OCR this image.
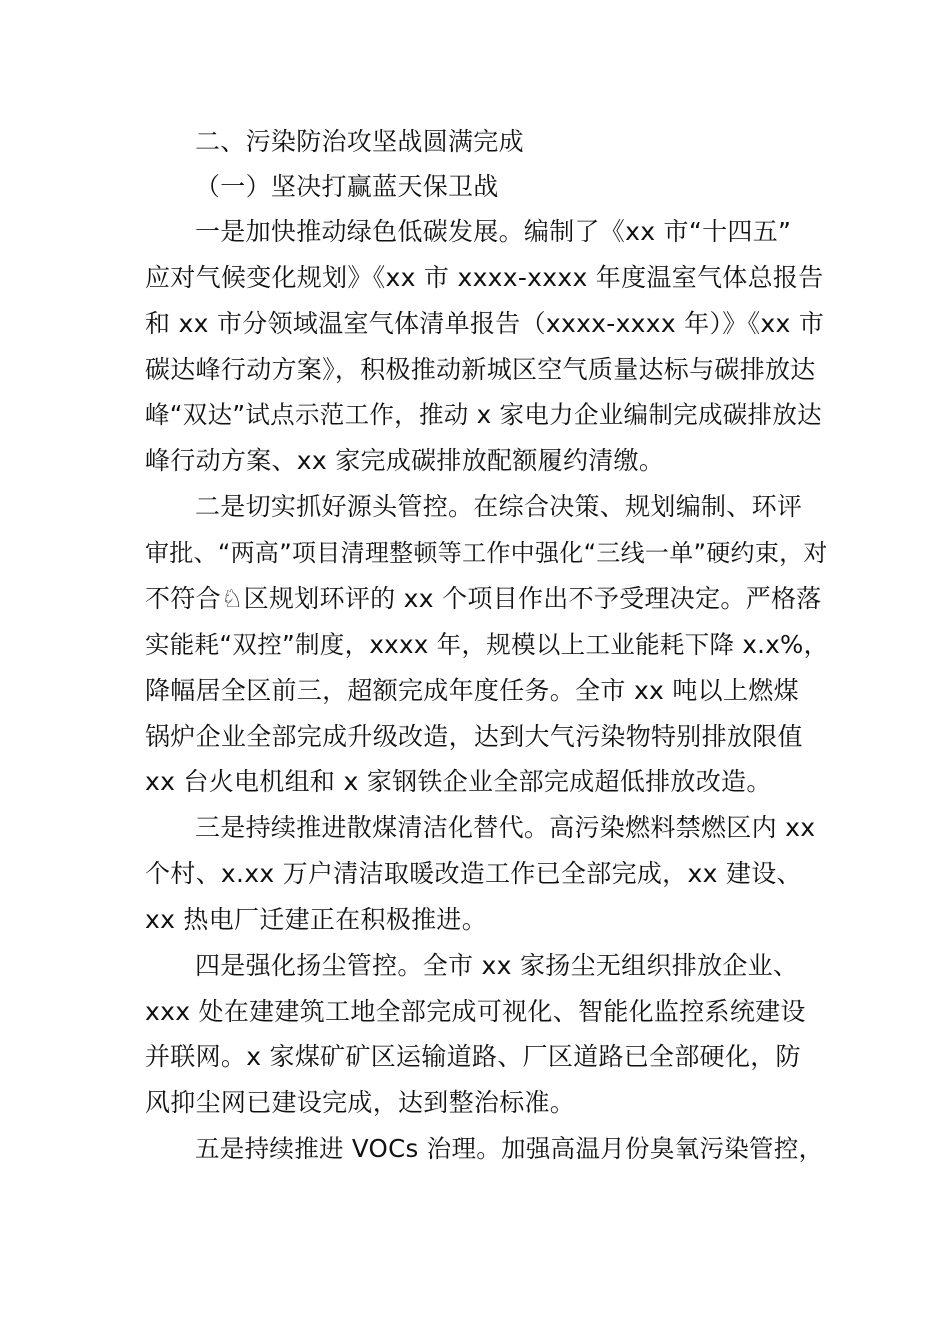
二、污染防治攻坚战圆满完成
（一）坚决打赢蓝天保卫战
一是加快推动绿色低碳发展。编制了《xx 市“十四五”
应对气候变化规划》《xx 市 xxxx-xxxx 年度温室气体总报告
和 xx 市分领域温室气体清单报告（xxxx-xxxx 年）》《xx 市
碳达峰行动方案》，积极推动新城区空气质量达标与碳排放达
峰“双达”试点示范工作，推动 x 家电力企业编制完成碳排放达
峰行动方案、xx 家完成碳排放配额履约清缴。
二是切实抓好源头管控。在综合决策、规划编制、环评
审批、“两高”项目清理整顿等工作中强化“三线一单”硬约束，对
不符合♘区规划环评的 xx 个项目作出不予受理决定。严格落
实能耗“双控”制度，xxxx 年，规模以上工业能耗下降 x.x%，
降幅居全区前三，超额完成年度任务。全市 xx 吨以上燃煤
锅炉企业全部完成升级改造，达到大气污染物特别排放限值
xx 台火电机组和 x 家钢铁企业全部完成超低排放改造。
三是持续推进散煤清洁化替代。高污染燃料禁燃区内 xx
个村、x.xx 万户清洁取暖改造工作已全部完成，xx 建设、
xx 热电厂迁建正在积极推进。
四是强化扬尘管控。全市 xx 家扬尘无组织排放企业、
xxx 处在建建筑工地全部完成可视化、智能化监控系统建设
并联网。x 家煤矿矿区运输道路、厂区道路已全部硬化，防
风抑尘网已建设完成，达到整治标准。
五是持续推进 VOCs 治理。加强高温月份臭氧污染管控，
